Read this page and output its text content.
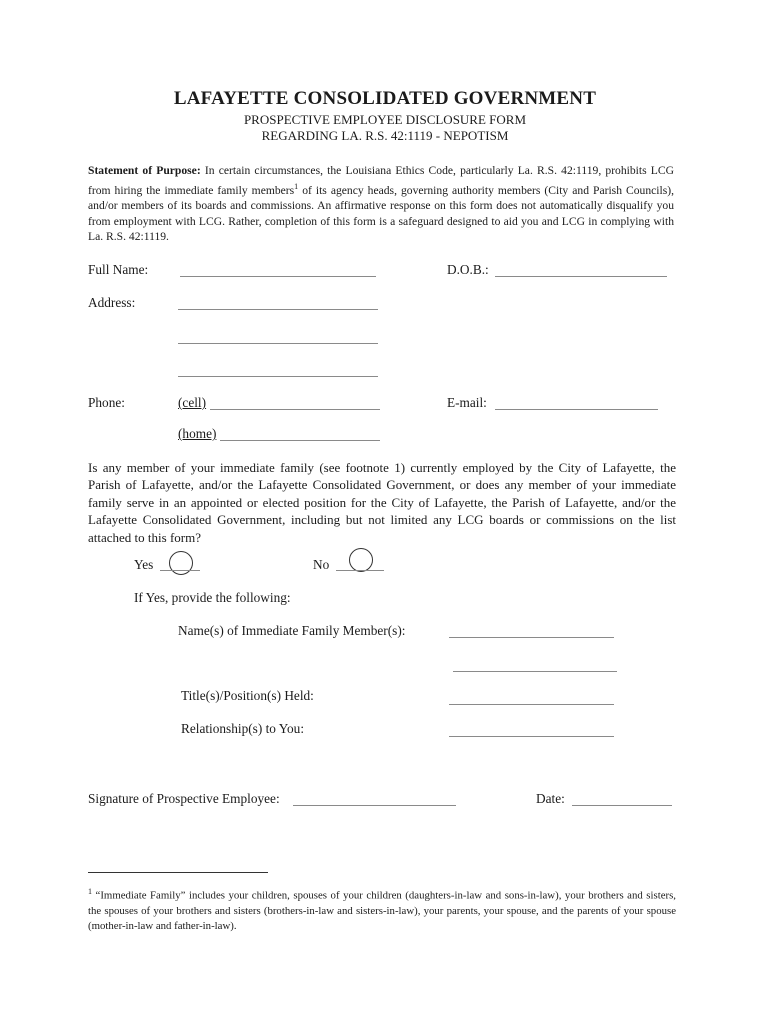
LAFAYETTE CONSOLIDATED GOVERNMENT
PROSPECTIVE EMPLOYEE DISCLOSURE FORM
REGARDING LA. R.S. 42:1119 - NEPOTISM
Statement of Purpose: In certain circumstances, the Louisiana Ethics Code, particularly La. R.S. 42:1119, prohibits LCG from hiring the immediate family members$^1$ of its agency heads, governing authority members (City and Parish Councils), and/or members of its boards and commissions. An affirmative response on this form does not automatically disqualify you from employment with LCG. Rather, completion of this form is a safeguard designed to aid you and LCG in complying with La. R.S. 42:1119.
Full Name:	D.O.B.:
Address:
Phone:	(cell)	E-mail:
(home)
Is any member of your immediate family (see footnote 1) currently employed by the City of Lafayette, the Parish of Lafayette, and/or the Lafayette Consolidated Government, or does any member of your immediate family serve in an appointed or elected position for the City of Lafayette, the Parish of Lafayette, and/or the Lafayette Consolidated Government, including but not limited any LCG boards or commissions on the list attached to this form?
Yes	No
If Yes, provide the following:
Name(s) of Immediate Family Member(s):
Title(s)/Position(s) Held:
Relationship(s) to You:
Signature of Prospective Employee:	Date:
$^1$ “Immediate Family” includes your children, spouses of your children (daughters-in-law and sons-in-law), your brothers and sisters, the spouses of your brothers and sisters (brothers-in-law and sisters-in-law), your parents, your spouse, and the parents of your spouse (mother-in-law and father-in-law).
